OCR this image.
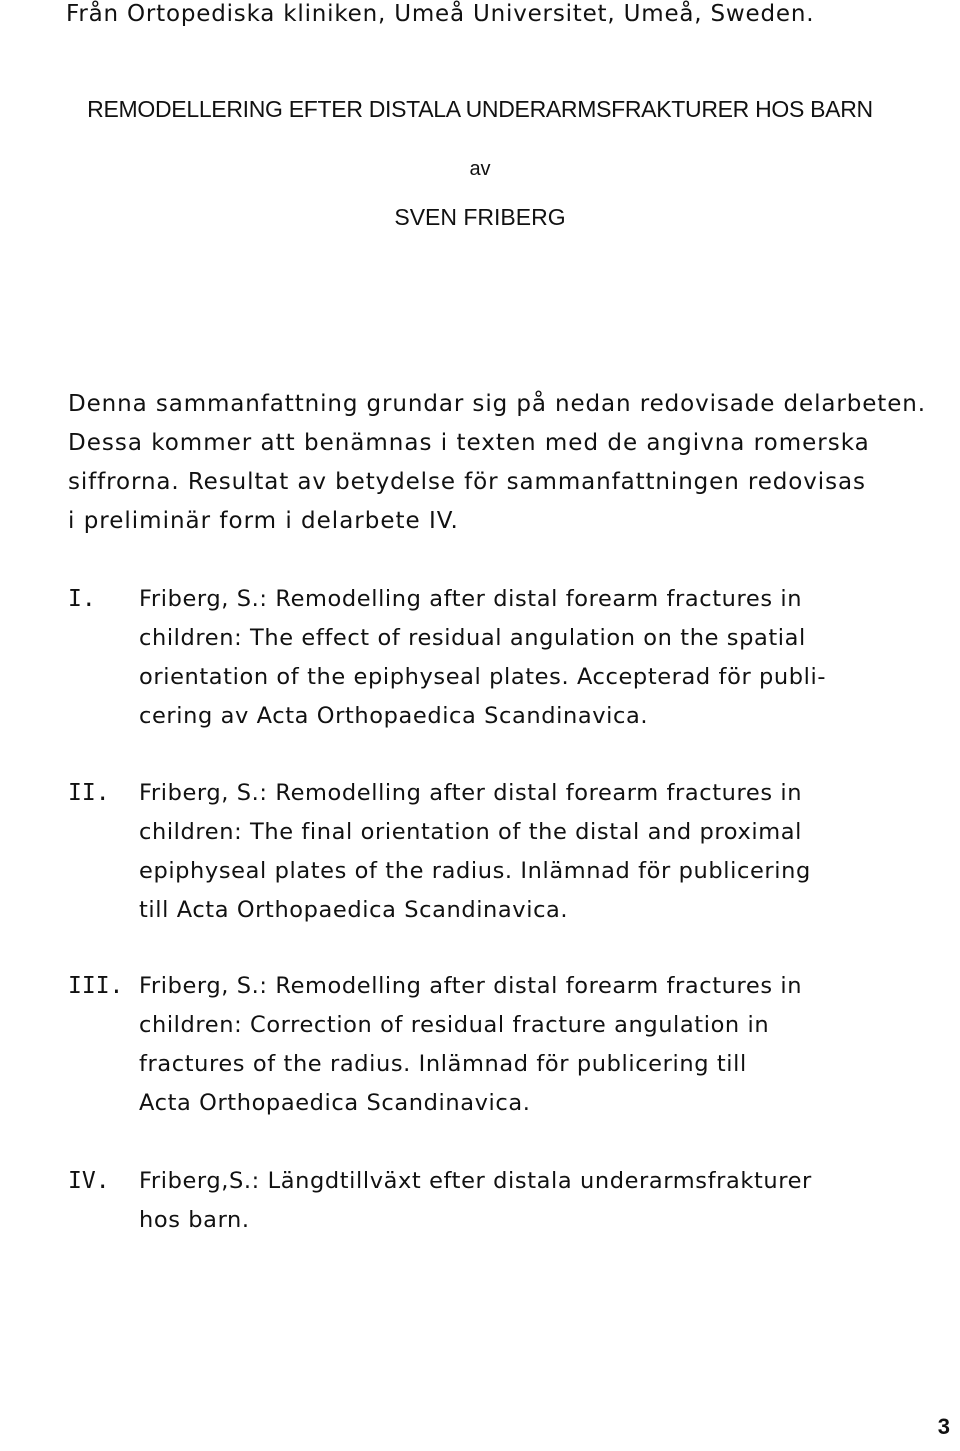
Från Ortopediska kliniken, Umeå Universitet, Umeå, Sweden.
REMODELLERING EFTER DISTALA UNDERARMSFRAKTURER HOS BARN
av
SVEN FRIBERG
Denna sammanfattning grundar sig på nedan redovisade delarbeten.
Dessa kommer att benämnas i texten med de angivna romerska
siffrorna. Resultat av betydelse för sammanfattningen redovisas
i preliminär form i delarbete IV.
I. Friberg, S.: Remodelling after distal forearm fractures in
children: The effect of residual angulation on the spatial
orientation of the epiphyseal plates. Accepterad för publi-
cering av Acta Orthopaedica Scandinavica.
II. Friberg, S.: Remodelling after distal forearm fractures in
children: The final orientation of the distal and proximal
epiphyseal plates of the radius. Inlämnad för publicering
till Acta Orthopaedica Scandinavica.
III. Friberg, S.: Remodelling after distal forearm fractures in
children: Correction of residual fracture angulation in
fractures of the radius. Inlämnad för publicering till
Acta Orthopaedica Scandinavica.
IV. Friberg,S.: Längdtillväxt efter distala underarmsfrakturer
hos barn.
3
